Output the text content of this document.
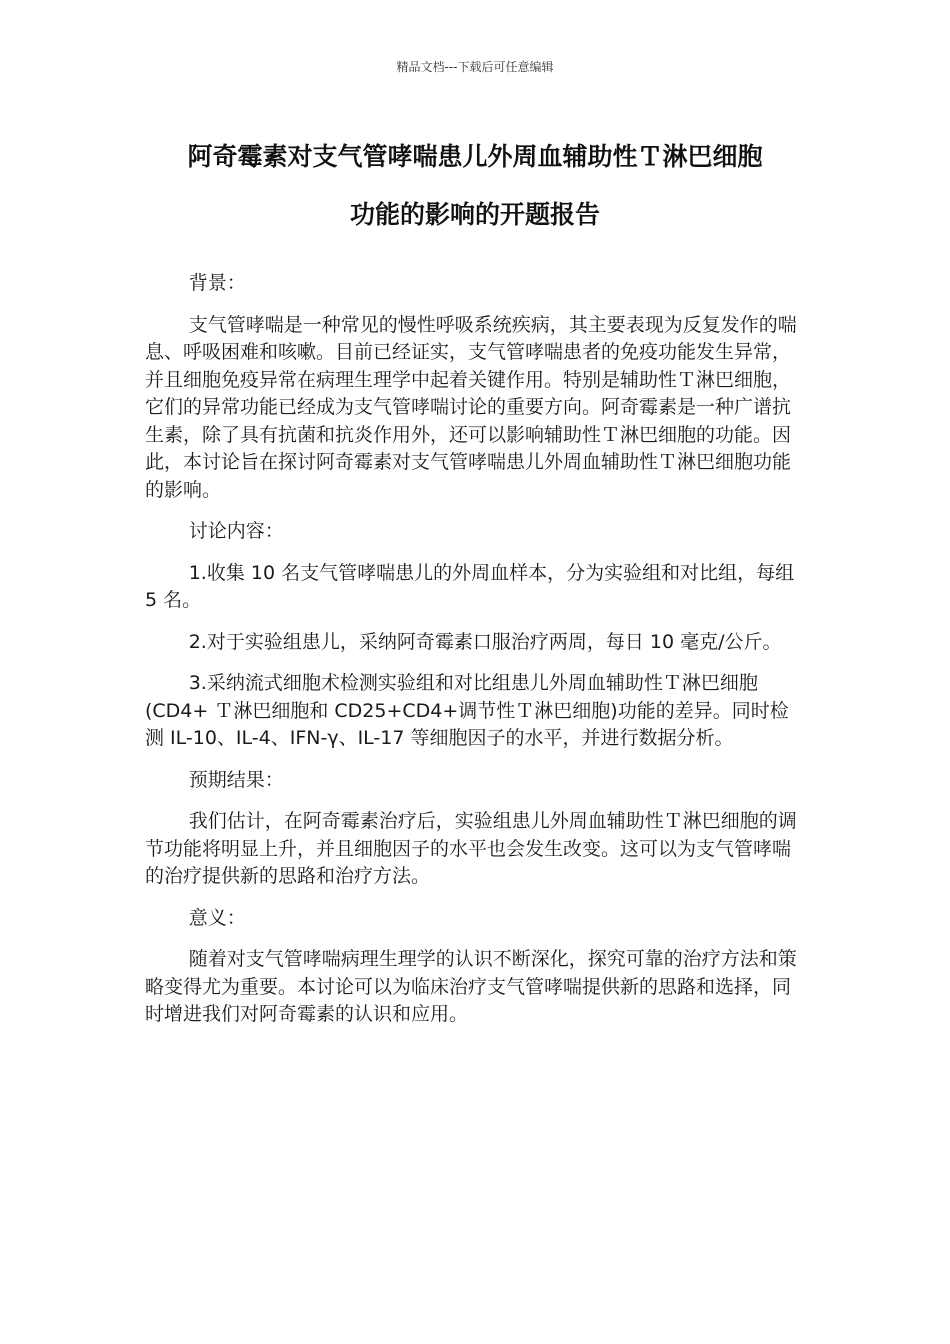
精品文档---下载后可任意编辑
阿奇霉素对支气管哮喘患儿外周血辅助性Ｔ淋巴细胞
功能的影响的开题报告

背景：

支气管哮喘是一种常见的慢性呼吸系统疾病，其主要表现为反复发作的喘息、呼吸困难和咳嗽。目前已经证实，支气管哮喘患者的免疫功能发生异常，并且细胞免疫异常在病理生理学中起着关键作用。特别是辅助性Ｔ淋巴细胞，它们的异常功能已经成为支气管哮喘讨论的重要方向。阿奇霉素是一种广谱抗生素，除了具有抗菌和抗炎作用外，还可以影响辅助性Ｔ淋巴细胞的功能。因此，本讨论旨在探讨阿奇霉素对支气管哮喘患儿外周血辅助性Ｔ淋巴细胞功能的影响。

讨论内容：

1.收集 10 名支气管哮喘患儿的外周血样本，分为实验组和对比组，每组 5 名。

2.对于实验组患儿，采纳阿奇霉素口服治疗两周，每日 10 毫克/公斤。

3.采纳流式细胞术检测实验组和对比组患儿外周血辅助性Ｔ淋巴细胞(CD4+ Ｔ淋巴细胞和 CD25+CD4+调节性Ｔ淋巴细胞)功能的差异。同时检测 IL-10、IL-4、IFN-γ、IL-17 等细胞因子的水平，并进行数据分析。

预期结果：

我们估计，在阿奇霉素治疗后，实验组患儿外周血辅助性Ｔ淋巴细胞的调节功能将明显上升，并且细胞因子的水平也会发生改变。这可以为支气管哮喘的治疗提供新的思路和治疗方法。

意义：

随着对支气管哮喘病理生理学的认识不断深化，探究可靠的治疗方法和策略变得尤为重要。本讨论可以为临床治疗支气管哮喘提供新的思路和选择，同时增进我们对阿奇霉素的认识和应用。
